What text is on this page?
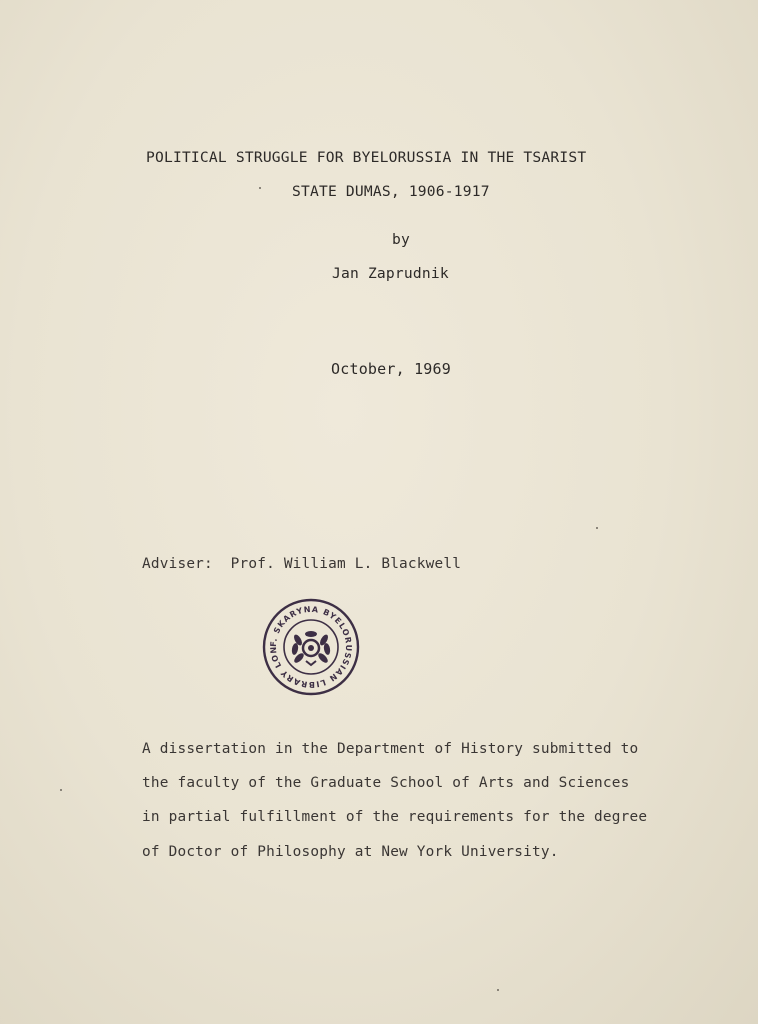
POLITICAL STRUGGLE FOR BYELORUSSIA IN THE TSARIST
STATE DUMAS, 1906-1917
by
Jan Zaprudnik
October, 1969
Adviser:  Prof. William L. Blackwell
F. SKARYNA BYELORUSSIAN LIBRARY LON
A dissertation in the Department of History submitted to
the faculty of the Graduate School of Arts and Sciences
in partial fulfillment of the requirements for the degree
of Doctor of Philosophy at New York University.
